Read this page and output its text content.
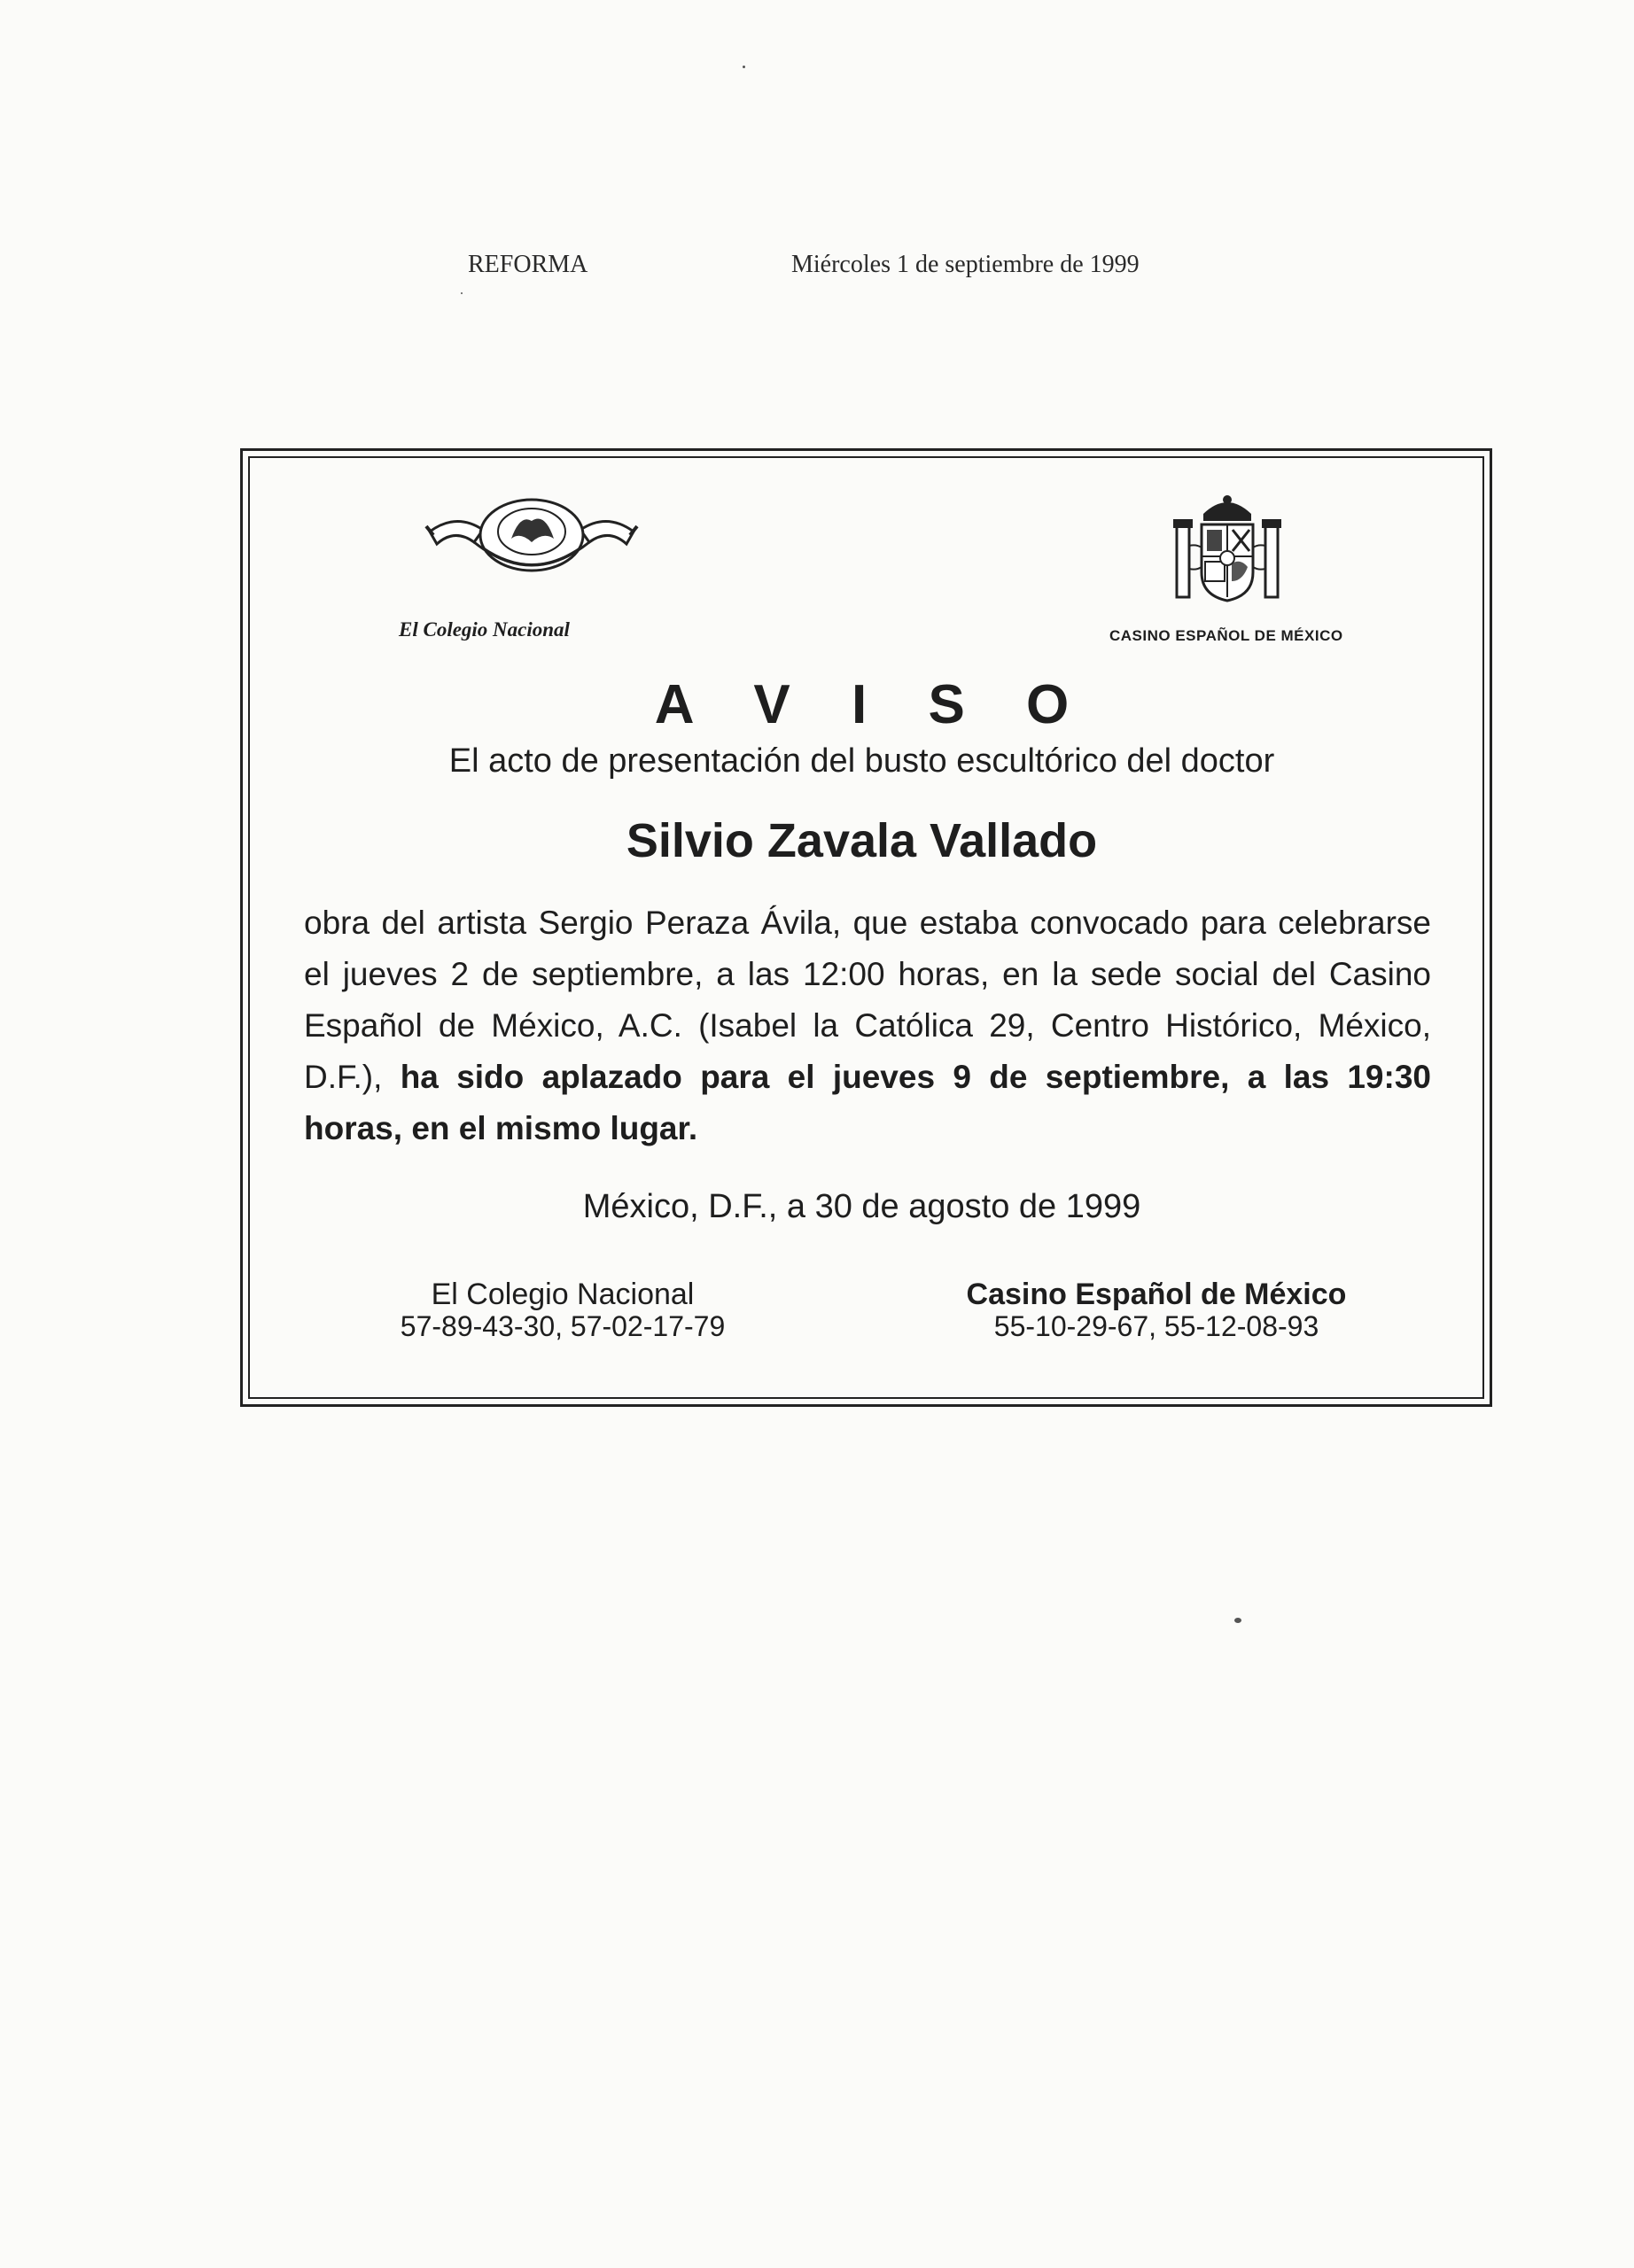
REFORMA	Miércoles 1 de septiembre de 1999
El Colegio Nacional	CASINO ESPAÑOL DE MÉXICO
A V I S O
El acto de presentación del busto escultórico del doctor
Silvio Zavala Vallado
obra del artista Sergio Peraza Ávila, que estaba convocado para celebrarse el jueves 2 de septiembre, a las 12:00 horas, en la sede social del Casino Español de México, A.C. (Isabel la Católica 29, Centro Histórico, México, D.F.), ha sido aplazado para el jueves 9 de septiembre, a las 19:30 horas, en el mismo lugar.
México, D.F., a 30 de agosto de 1999
El Colegio Nacional
57-89-43-30, 57-02-17-79
Casino Español de México
55-10-29-67, 55-12-08-93
